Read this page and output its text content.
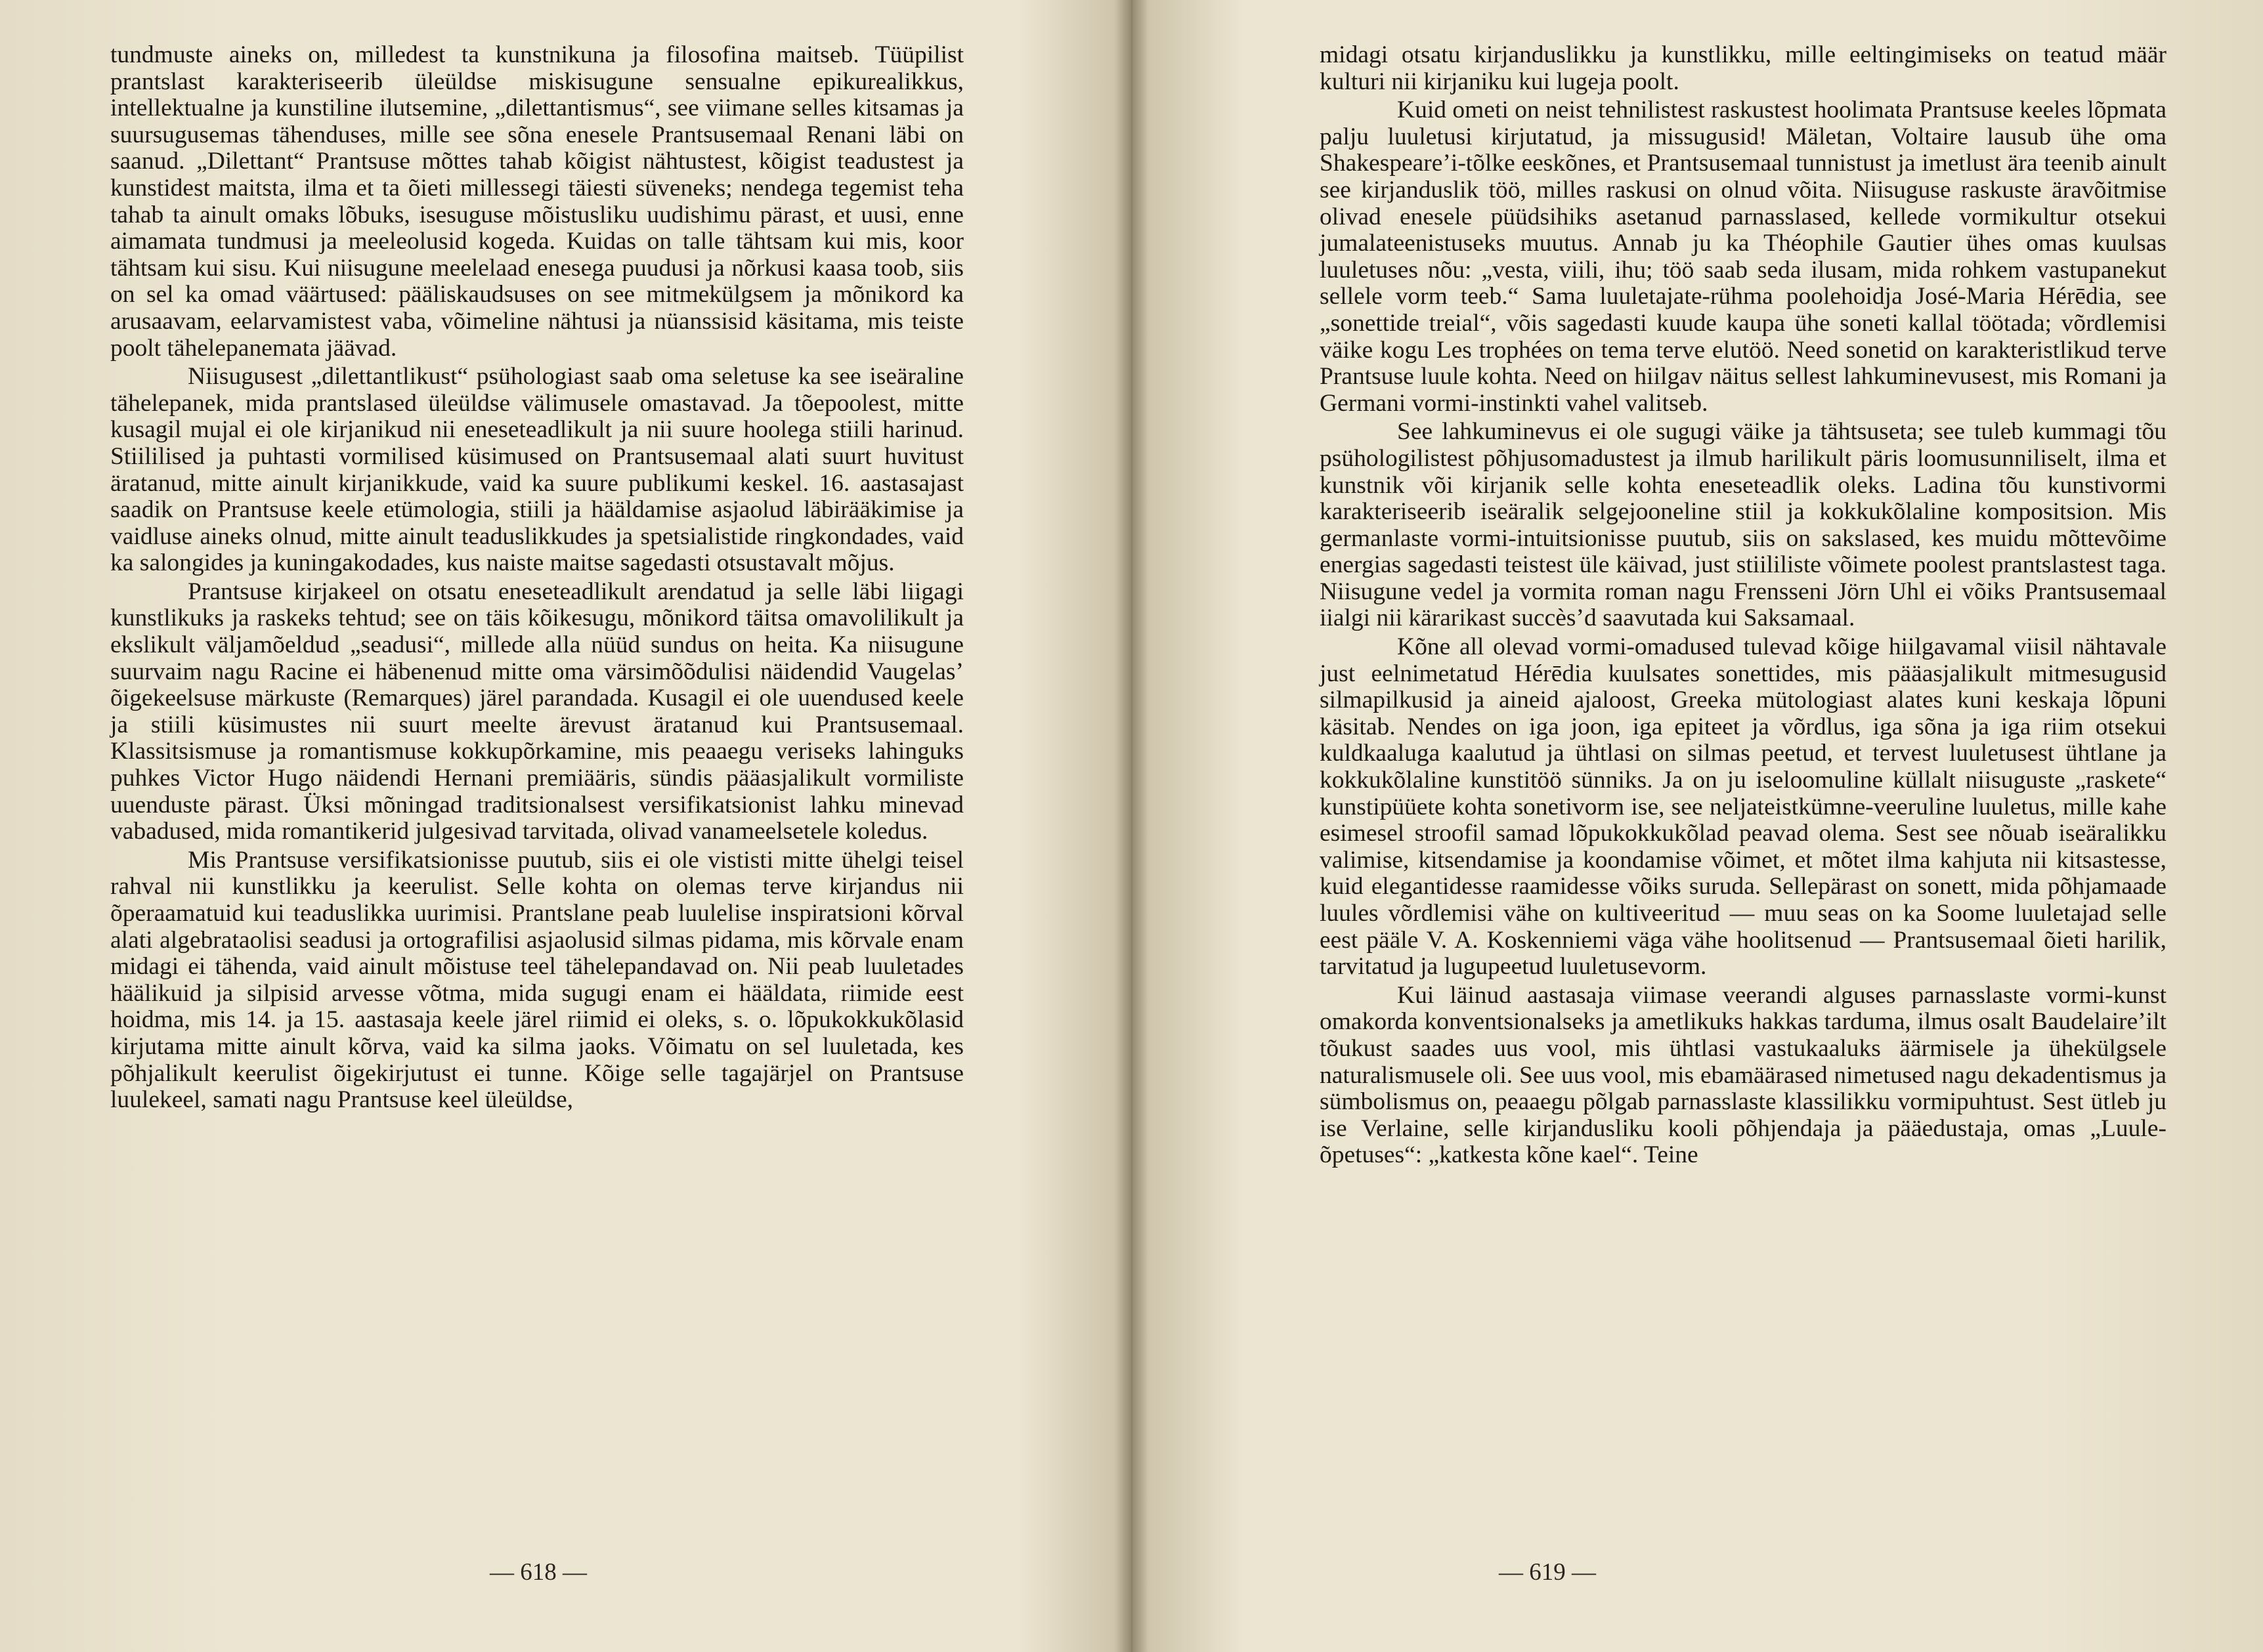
tundmuste aineks on, milledest ta kunstnikuna ja filosofina maitseb. Tüüpilist prantslast karakteriseerib üleüldse miskisugune sensualne epikurealikkus, intellektualne ja kunstiline ilutsemine, „dilettantismus“, see viimane selles kitsamas ja suursugusemas tähenduses, mille see sõna enesele Prantsusemaal Renani läbi on saanud. „Dilettant“ Prantsuse mõttes tahab kõigist nähtustest, kõigist teadustest ja kunstidest maitsta, ilma et ta õieti millessegi täiesti süveneks; nendega tegemist teha tahab ta ainult omaks lõbuks, isesuguse mõistusliku uudishimu pärast, et uusi, enne aimamata tundmusi ja meeleolusid kogeda. Kuidas on talle tähtsam kui mis, koor tähtsam kui sisu. Kui niisugune meelelaad enesega puudusi ja nõrkusi kaasa toob, siis on sel ka omad väärtused: pääliskaudsuses on see mitmekülgsem ja mõnikord ka arusaavam, eelarvamistest vaba, võimeline nähtusi ja nüanssisid käsitama, mis teiste poolt tähelepanemata jäävad.

Niisugusest „dilettantlikust“ psühologiast saab oma seletuse ka see iseäraline tähelepanek, mida prantslased üleüldse välimusele omastavad. Ja tõepoolest, mitte kusagil mujal ei ole kirjanikud nii eneseteadlikult ja nii suure hoolega stiili harinud. Stiililised ja puhtasti vormilised küsimused on Prantsusemaal alati suurt huvitust äratanud, mitte ainult kirjanikkude, vaid ka suure publikumi keskel. 16. aastasajast saadik on Prantsuse keele etümologia, stiili ja hääldamise asjaolud läbirääkimise ja vaidluse aineks olnud, mitte ainult teaduslikkudes ja spetsialistide ringkondades, vaid ka salongides ja kuningakodades, kus naiste maitse sagedasti otsustavalt mõjus.

Prantsuse kirjakeel on otsatu eneseteadlikult arendatud ja selle läbi liigagi kunstlikuks ja raskeks tehtud; see on täis kõikesugu, mõnikord täitsa omavolilikult ja ekslikult väljamõeldud „seadusi“, millede alla nüüd sundus on heita. Ka niisugune suurvaim nagu Racine ei häbenenud mitte oma värsimõõdulisi näidendid Vaugelas’ õigekeelsuse märkuste (Remarques) järel parandada. Kusagil ei ole uuendused keele ja stiili küsimustes nii suurt meelte ärevust äratanud kui Prantsusemaal. Klassitsismuse ja romantismuse kokkupõrkamine, mis peaaegu veriseks lahinguks puhkes Victor Hugo näidendi Hernani premiääris, sündis pääasjalikult vormiliste uuenduste pärast. Üksi mõningad traditsionalsest versifikatsionist lahku minevad vabadused, mida romantikerid julgesivad tarvitada, olivad vanameelsetele koledus.

Mis Prantsuse versifikatsionisse puutub, siis ei ole vististi mitte ühelgi teisel rahval nii kunstlikku ja keerulist. Selle kohta on olemas terve kirjandus nii õperaamatuid kui teaduslikka uurimisi. Prantslane peab luulelise inspiratsioni kõrval alati algebrataolisi seadusi ja ortografilisi asjaolusid silmas pidama, mis kõrvale enam midagi ei tähenda, vaid ainult mõistuse teel tähelepandavad on. Nii peab luuletades häälikuid ja silpisid arvesse võtma, mida sugugi enam ei hääldata, riimide eest hoidma, mis 14. ja 15. aastasaja keele järel riimid ei oleks, s. o. lõpukokkukõlasid kirjutama mitte ainult kõrva, vaid ka silma jaoks. Võimatu on sel luuletada, kes põhjalikult keerulist õigekirjutust ei tunne. Kõige selle tagajärjel on Prantsuse luulekeel, samati nagu Prantsuse keel üleüldse,

— 618 —

midagi otsatu kirjanduslikku ja kunstlikku, mille eeltingimiseks on teatud määr kulturi nii kirjaniku kui lugeja poolt.

Kuid ometi on neist tehnilistest raskustest hoolimata Prantsuse keeles lõpmata palju luuletusi kirjutatud, ja missugusid! Mäletan, Voltaire lausub ühe oma Shakespeare’i-tõlke eeskõnes, et Prantsusemaal tunnistust ja imetlust ära teenib ainult see kirjanduslik töö, milles raskusi on olnud võita. Niisuguse raskuste äravõitmise olivad enesele püüdsihiks asetanud parnasslased, kellede vormikultur otsekui jumalateenistuseks muutus. Annab ju ka Théophile Gautier ühes omas kuulsas luuletuses nõu: „vesta, viili, ihu; töö saab seda ilusam, mida rohkem vastupanekut sellele vorm teeb.“ Sama luuletajate-rühma poolehoidja José-Maria Hérēdia, see „sonettide treial“, võis sagedasti kuude kaupa ühe soneti kallal töötada; võrdlemisi väike kogu Les trophées on tema terve elutöö. Need sonetid on karakteristlikud terve Prantsuse luule kohta. Need on hiilgav näitus sellest lahkuminevusest, mis Romani ja Germani vormi-instinkti vahel valitseb.

See lahkuminevus ei ole sugugi väike ja tähtsuseta; see tuleb kummagi tõu psühologilistest põhjusomadustest ja ilmub harilikult päris loomusunniliselt, ilma et kunstnik või kirjanik selle kohta eneseteadlik oleks. Ladina tõu kunstivormi karakteriseerib iseäralik selgejooneline stiil ja kokkukõlaline kompositsion. Mis germanlaste vormi-intuitsionisse puutub, siis on sakslased, kes muidu mõttevõime energias sagedasti teistest üle käivad, just stiililiste võimete poolest prantslastest taga. Niisugune vedel ja vormita roman nagu Frensseni Jörn Uhl ei võiks Prantsusemaal iialgi nii kärarikast succès’d saavutada kui Saksamaal.

Kõne all olevad vormi-omadused tulevad kõige hiilgavamal viisil nähtavale just eelnimetatud Hérēdia kuulsates sonettides, mis pääasjalikult mitmesugusid silmapilkusid ja aineid ajaloost, Greeka mütologiast alates kuni keskaja lõpuni käsitab. Nendes on iga joon, iga epiteet ja võrdlus, iga sõna ja iga riim otsekui kuldkaaluga kaalutud ja ühtlasi on silmas peetud, et tervest luuletusest ühtlane ja kokkukõlaline kunstitöö sünniks. Ja on ju iseloomuline küllalt niisuguste „raskete“ kunstipüüete kohta sonetivorm ise, see neljateistkümne-veeruline luuletus, mille kahe esimesel stroofil samad lõpukokkukõlad peavad olema. Sest see nõuab iseäralikku valimise, kitsendamise ja koondamise võimet, et mõtet ilma kahjuta nii kitsastesse, kuid elegantidesse raamidesse võiks suruda. Sellepärast on sonett, mida põhjamaade luules võrdlemisi vähe on kultiveeritud — muu seas on ka Soome luuletajad selle eest pääle V. A. Koskenniemi väga vähe hoolitsenud — Prantsusemaal õieti harilik, tarvitatud ja lugupeetud luuletusevorm.

Kui läinud aastasaja viimase veerandi alguses parnasslaste vormi-kunst omakorda konventsionalseks ja ametlikuks hakkas tarduma, ilmus osalt Baudelaire’ilt tõukust saades uus vool, mis ühtlasi vastukaaluks äärmisele ja ühekülgsele naturalismusele oli. See uus vool, mis ebamäärased nimetused nagu dekadentismus ja sümbolismus on, peaaegu põlgab parnasslaste klassilikku vormipuhtust. Sest ütleb ju ise Verlaine, selle kirjandusliku kooli põhjendaja ja pääedustaja, omas „Luule-õpetuses“: „katkesta kõne kael“. Teine

— 619 —
